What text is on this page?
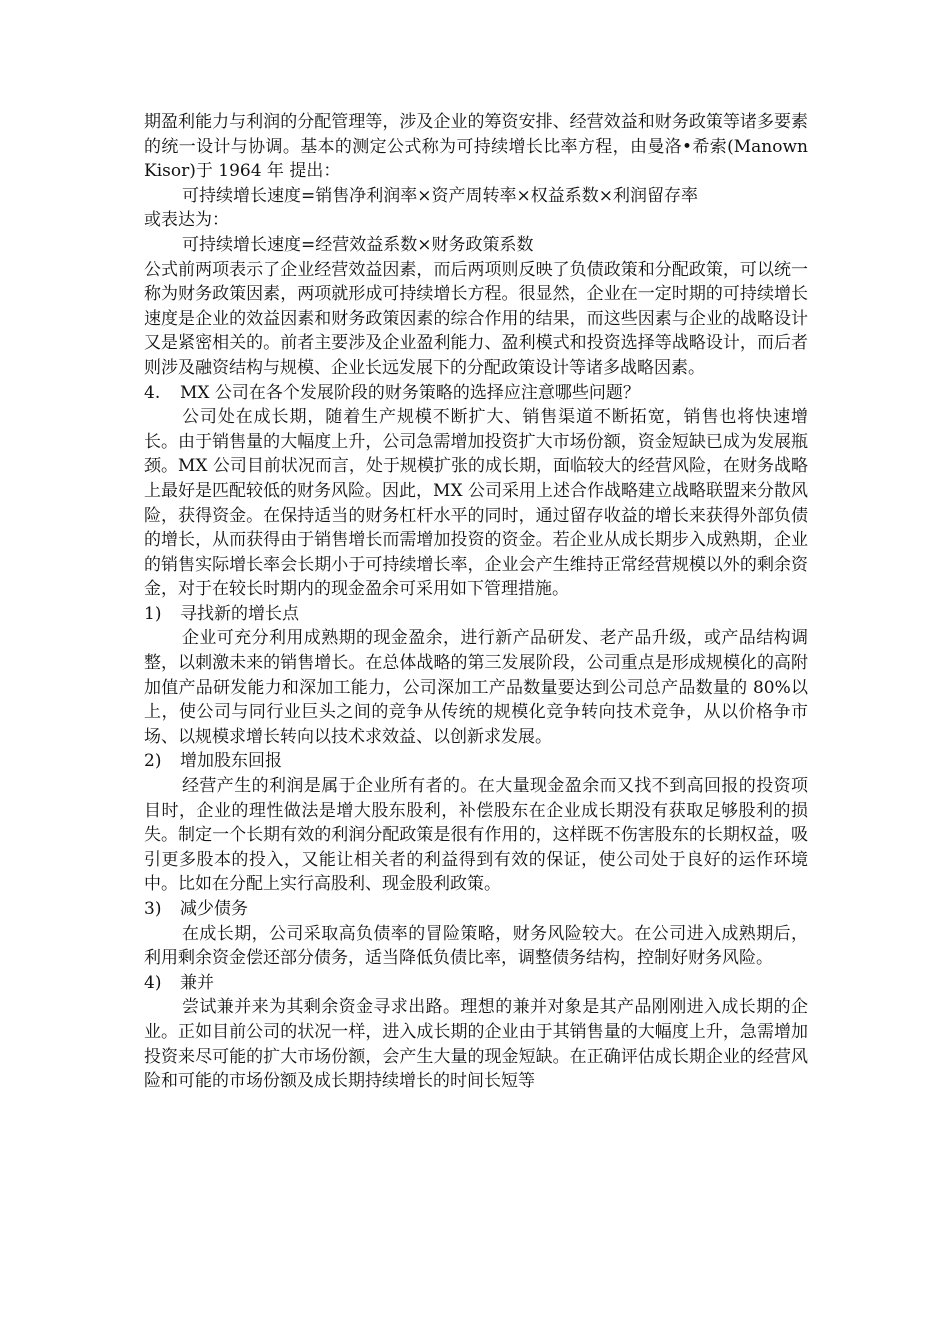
期盈利能力与利润的分配管理等，涉及企业的筹资安排、经营效益和财务政策等诸多要素的统一设计与协调。基本的测定公式称为可持续增长比率方程，由曼洛•希索(Manown Kisor)于 1964 年 提出：

可持续增长速度=销售净利润率×资产周转率×权益系数×利润留存率

或表达为：

可持续增长速度=经营效益系数×财务政策系数

公式前两项表示了企业经营效益因素，而后两项则反映了负债政策和分配政策，可以统一称为财务政策因素，两项就形成可持续增长方程。很显然，企业在一定时期的可持续增长速度是企业的效益因素和财务政策因素的综合作用的结果，而这些因素与企业的战略设计又是紧密相关的。前者主要涉及企业盈利能力、盈利模式和投资选择等战略设计，而后者则涉及融资结构与规模、企业长远发展下的分配政策设计等诸多战略因素。

4.	MX 公司在各个发展阶段的财务策略的选择应注意哪些问题？

公司处在成长期，随着生产规模不断扩大、销售渠道不断拓宽，销售也将快速增长。由于销售量的大幅度上升，公司急需增加投资扩大市场份额，资金短缺已成为发展瓶颈。MX 公司目前状况而言，处于规模扩张的成长期，面临较大的经营风险，在财务战略上最好是匹配较低的财务风险。因此，MX 公司采用上述合作战略建立战略联盟来分散风险，获得资金。在保持适当的财务杠杆水平的同时，通过留存收益的增长来获得外部负债的增长，从而获得由于销售增长而需增加投资的资金。若企业从成长期步入成熟期，企业的销售实际增长率会长期小于可持续增长率，企业会产生维持正常经营规模以外的剩余资金，对于在较长时期内的现金盈余可采用如下管理措施。

1)	寻找新的增长点

企业可充分利用成熟期的现金盈余，进行新产品研发、老产品升级，或产品结构调整，以刺激未来的销售增长。在总体战略的第三发展阶段，公司重点是形成规模化的高附加值产品研发能力和深加工能力，公司深加工产品数量要达到公司总产品数量的 80%以上，使公司与同行业巨头之间的竞争从传统的规模化竞争转向技术竞争，从以价格争市场、以规模求增长转向以技术求效益、以创新求发展。

2)	增加股东回报

经营产生的利润是属于企业所有者的。在大量现金盈余而又找不到高回报的投资项目时，企业的理性做法是增大股东股利，补偿股东在企业成长期没有获取足够股利的损失。制定一个长期有效的利润分配政策是很有作用的，这样既不伤害股东的长期权益，吸引更多股本的投入，又能让相关者的利益得到有效的保证，使公司处于良好的运作环境中。比如在分配上实行高股利、现金股利政策。

3)	减少债务

在成长期，公司采取高负债率的冒险策略，财务风险较大。在公司进入成熟期后，利用剩余资金偿还部分债务，适当降低负债比率，调整债务结构，控制好财务风险。

4)	兼并

尝试兼并来为其剩余资金寻求出路。理想的兼并对象是其产品刚刚进入成长期的企业。正如目前公司的状况一样，进入成长期的企业由于其销售量的大幅度上升，急需增加投资来尽可能的扩大市场份额，会产生大量的现金短缺。在正确评估成长期企业的经营风险和可能的市场份额及成长期持续增长的时间长短等
